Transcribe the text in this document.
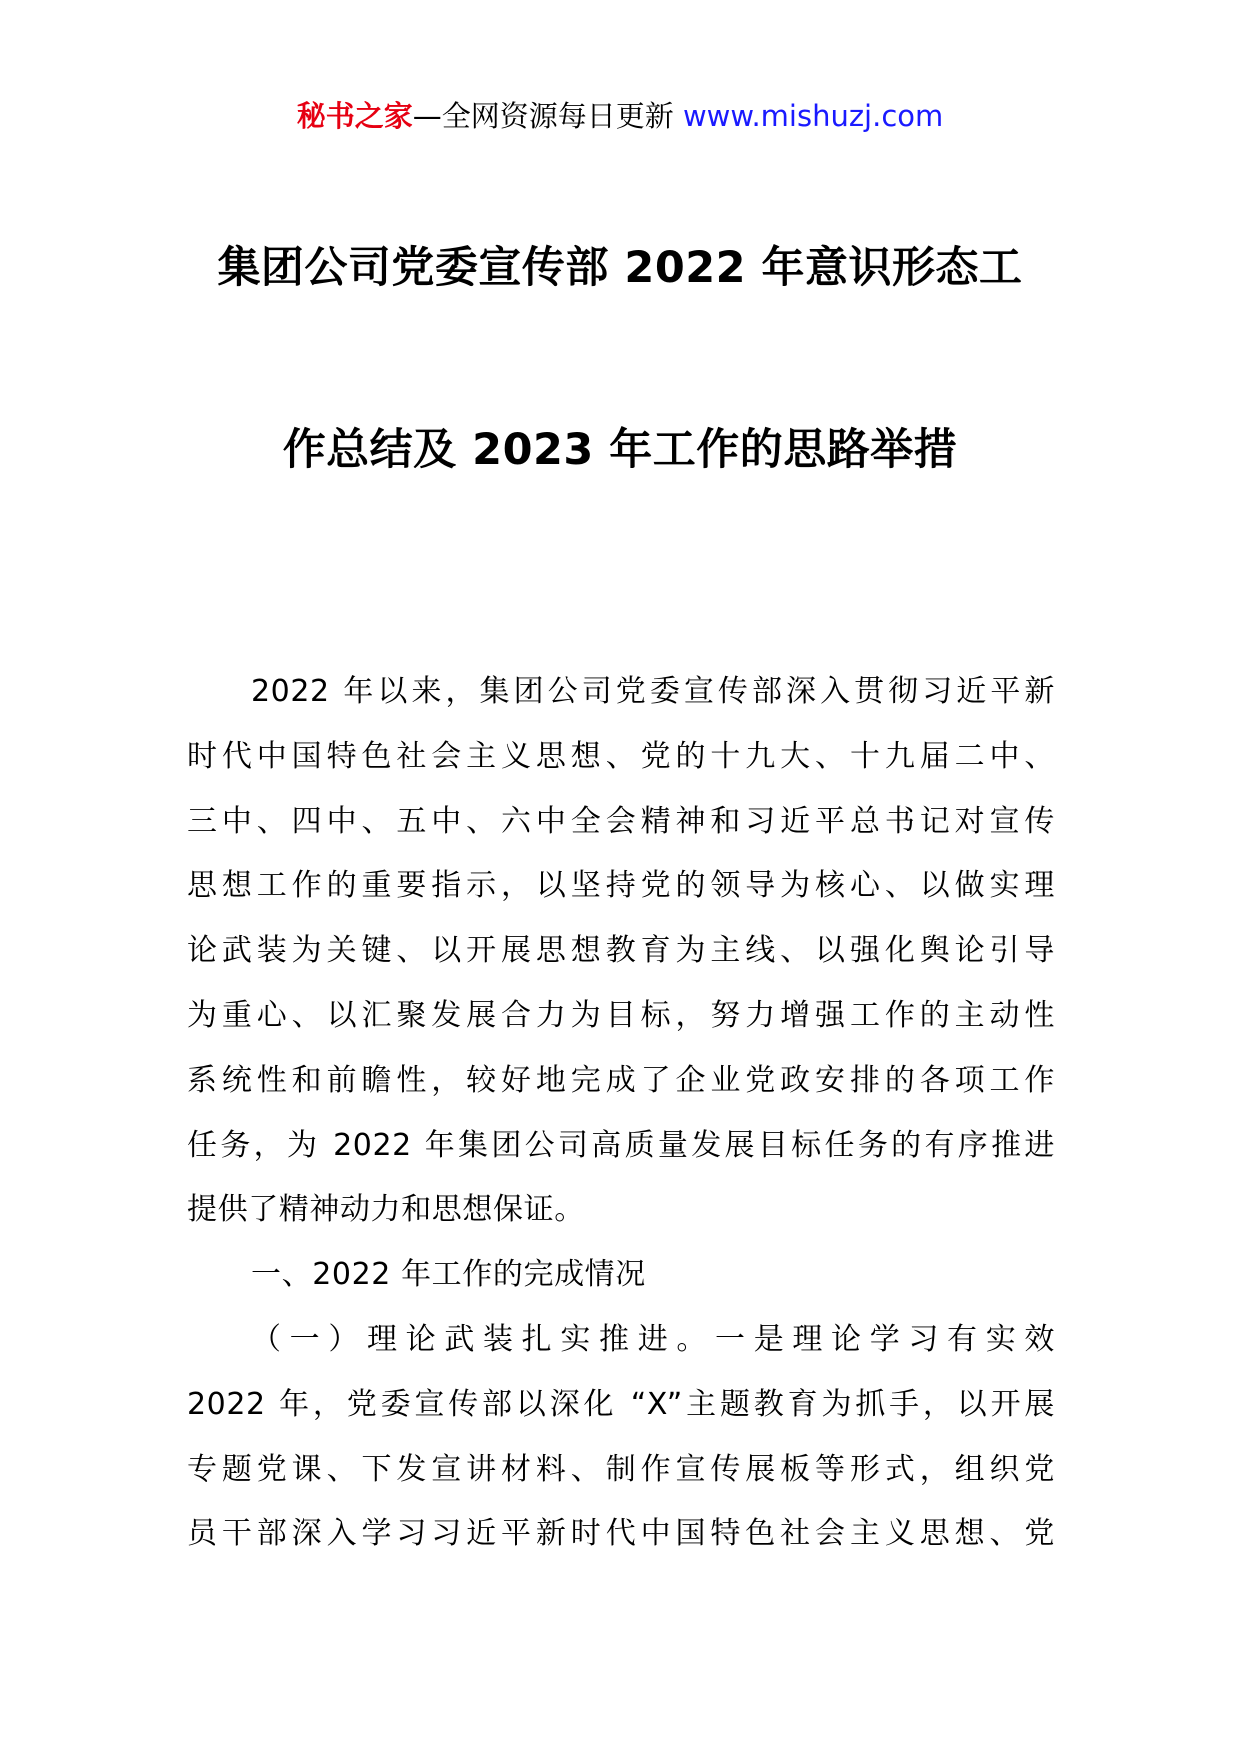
秘书之家—全网资源每日更新 www.mishuzj.com
集团公司党委宣传部 2022 年意识形态工
作总结及 2023 年工作的思路举措
2022 年以来，集团公司党委宣传部深入贯彻习近平新
时代中国特色社会主义思想、党的十九大、十九届二中、
三中、四中、五中、六中全会精神和习近平总书记对宣传
思想工作的重要指示，以坚持党的领导为核心、以做实理
论武装为关键、以开展思想教育为主线、以强化舆论引导
为重心、以汇聚发展合力为目标，努力增强工作的主动性
系统性和前瞻性，较好地完成了企业党政安排的各项工作
任务，为 2022 年集团公司高质量发展目标任务的有序推进
提供了精神动力和思想保证。
一、2022 年工作的完成情况
（一）理论武装扎实推进。一是理论学习有实效
2022 年，党委宣传部以深化 “X”主题教育为抓手，以开展
专题党课、下发宣讲材料、制作宣传展板等形式，组织党
员干部深入学习习近平新时代中国特色社会主义思想、党
